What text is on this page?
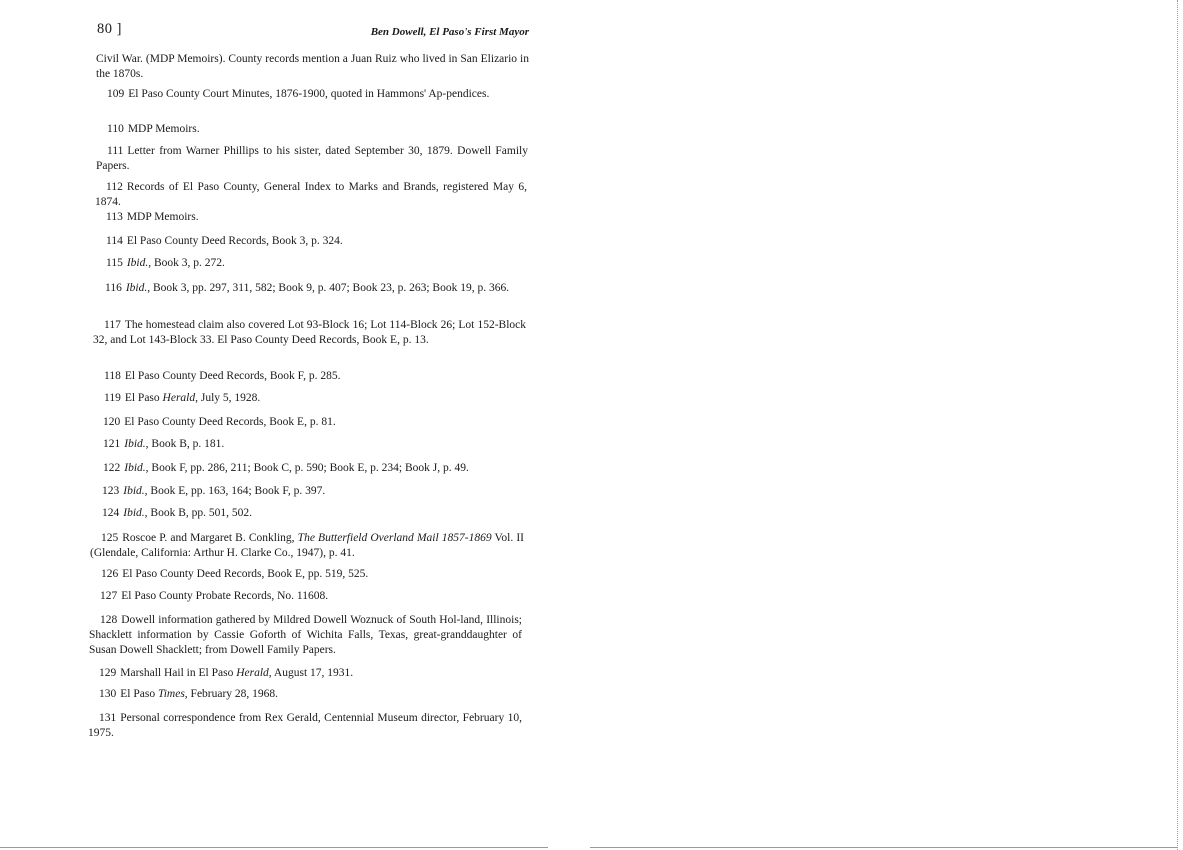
80 ]	Ben Dowell, El Paso's First Mayor

Civil War. (MDP Memoirs). County records mention a Juan Ruiz who lived in San Elizario in the 1870s.

109 El Paso County Court Minutes, 1876-1900, quoted in Hammons' Ap-pendices.

110 MDP Memoirs.

111 Letter from Warner Phillips to his sister, dated September 30, 1879. Dowell Family Papers.

112 Records of El Paso County, General Index to Marks and Brands, registered May 6, 1874.

113 MDP Memoirs.

114 El Paso County Deed Records, Book 3, p. 324.

115 Ibid., Book 3, p. 272.

116 Ibid., Book 3, pp. 297, 311, 582; Book 9, p. 407; Book 23, p. 263; Book 19, p. 366.

117 The homestead claim also covered Lot 93-Block 16; Lot 114-Block 26; Lot 152-Block 32, and Lot 143-Block 33. El Paso County Deed Records, Book E, p. 13.

118 El Paso County Deed Records, Book F, p. 285.

119 El Paso Herald, July 5, 1928.

120 El Paso County Deed Records, Book E, p. 81.

121 Ibid., Book B, p. 181.

122 Ibid., Book F, pp. 286, 211; Book C, p. 590; Book E, p. 234; Book J, p. 49.

123 Ibid., Book E, pp. 163, 164; Book F, p. 397.

124 Ibid., Book B, pp. 501, 502.

125 Roscoe P. and Margaret B. Conkling, The Butterfield Overland Mail 1857-1869 Vol. II (Glendale, California: Arthur H. Clarke Co., 1947), p. 41.

126 El Paso County Deed Records, Book E, pp. 519, 525.

127 El Paso County Probate Records, No. 11608.

128 Dowell information gathered by Mildred Dowell Woznuck of South Hol-land, Illinois; Shacklett information by Cassie Goforth of Wichita Falls, Texas, great-granddaughter of Susan Dowell Shacklett; from Dowell Family Papers.

129 Marshall Hail in El Paso Herald, August 17, 1931.

130 El Paso Times, February 28, 1968.

131 Personal correspondence from Rex Gerald, Centennial Museum director, February 10, 1975.
